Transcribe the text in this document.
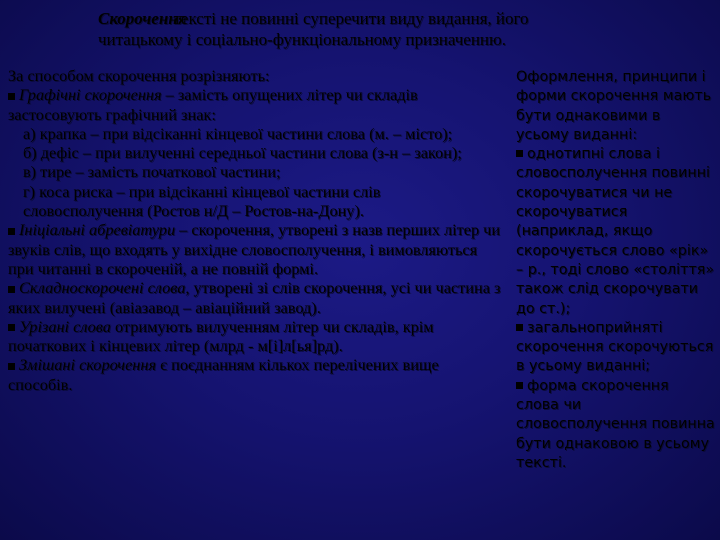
Скороченнятексті не повинні суперечити виду видання, його
читацькому і соціально-функціональному призначенню.

За способом скорочення розрізняють:

Графічні скорочення – замість опущених літер чи складів застосовують графічний знак:

а) крапка – при відсіканні кінцевої частини слова (м. – місто);

б) дефіс – при вилученні середньої частини слова (з-н – закон);

в) тире – замість початкової частини;

г) коса риска – при відсіканні кінцевої частини слів словосполучення (Ростов н/Д – Ростов-на-Дону).

Ініціальні абревіатури – скорочення, утворені з назв перших літер чи звуків слів, що входять у вихідне словосполучення, і вимовляються при читанні в скороченій, а не повній формі.

Складноскорочені слова, утворені зі слів скорочення, усі чи частина з яких вилучені (авіазавод – авіаційний завод).

Урізані слова отримують вилученням літер чи складів, крім початкових і кінцевих літер (млрд - м[і]л[ья]рд).

Змішані скорочення є поєднанням кількох перелічених вище способів.

Оформлення, принципи і форми скорочення мають бути однаковими в усьому виданні:

однотипні слова і словосполучення повинні скорочуватися чи не скорочуватися (наприклад, якщо скорочується слово «рік» – р., тоді слово «століття» також слід скорочувати до ст.);

загальноприйняті скорочення скорочуються в усьому виданні;

форма скорочення слова чи словосполучення повинна бути однаковою в усьому тексті.
